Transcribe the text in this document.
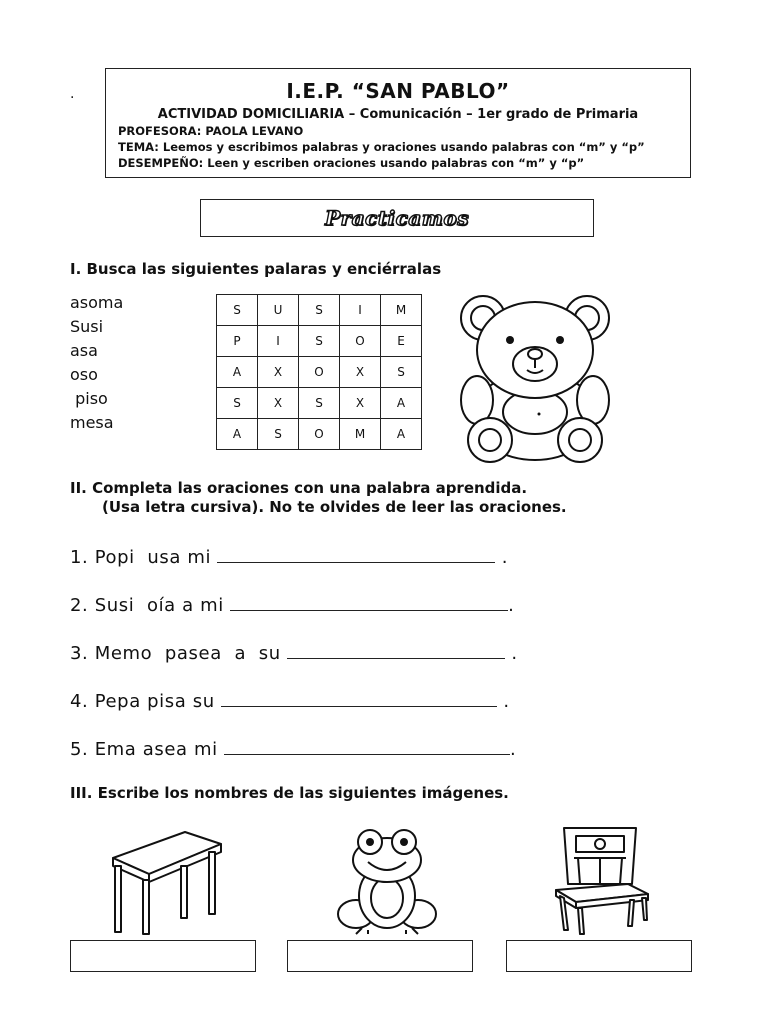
.	I.E.P. “SAN PABLO”
ACTIVIDAD DOMICILIARIA – Comunicación – 1er grado de Primaria
PROFESORA: PAOLA LEVANO
TEMA: Leemos y escribimos palabras y oraciones usando palabras con “m” y “p”
DESEMPEÑO: Leen y escriben oraciones usando palabras con “m” y “p”
Practicamos
I. Busca las siguientes palaras y enciérralas
asoma
Susi
asa
oso
piso
mesa
S	U	S	I	M
P	I	S	O	E
A	X	O	X	S
S	X	S	X	A
A	S	O	M	A
II. Completa las oraciones con una palabra aprendida.
(Usa letra cursiva). No te olvides de leer las oraciones.
1. Popi  usa mi	.
2. Susi  oía a mi	.
3. Memo  pasea  a  su	.
4. Pepa pisa su	.
5. Ema asea mi	.
III. Escribe los nombres de las siguientes imágenes.
